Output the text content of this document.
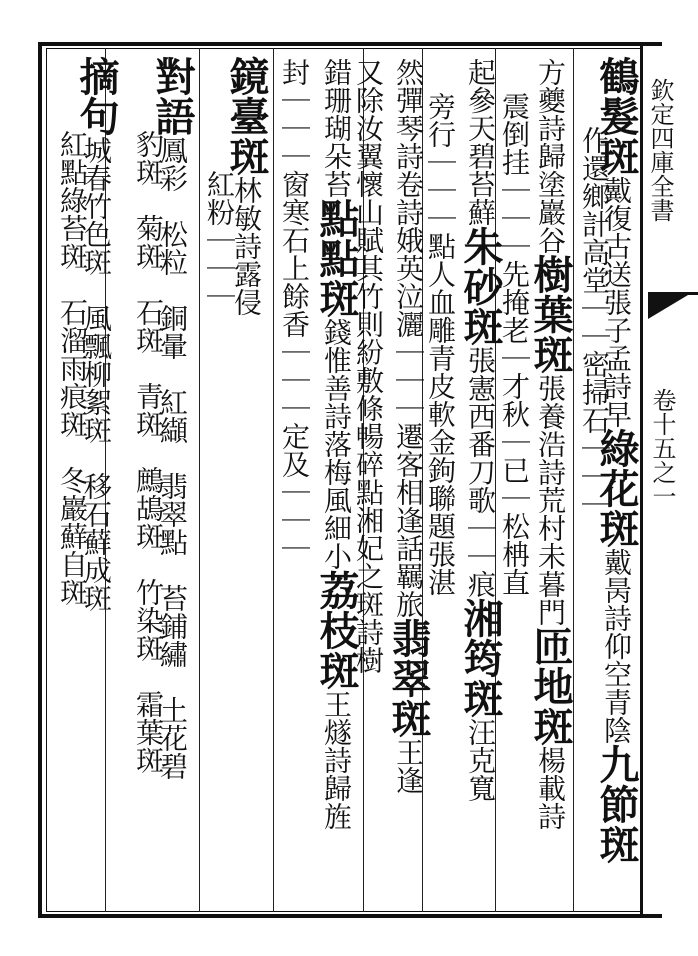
欽定四庫全書
卷十五之一
鶴髮斑戴復古送張子孟詩早綠花斑戴昺詩仰空青陰九節斑
作還鄉計高堂｜｜密掃石｜｜｜
方夔詩歸塗巖谷樹葉斑張養浩詩荒村未暮門匝地斑楊載詩
震倒挂｜｜｜先掩老｜才秋｜已｜松柟直
起參天碧苔蘚朱砂斑張憲西番刀歌｜｜痕湘筠斑汪克寬
旁行｜｜｜點人血雕青皮軟金鉤聯題張湛
然彈琴詩卷詩娥英泣灑｜｜｜遷客相逢話羈旅翡翠斑王逢
又除汝翼懷山賦其竹則紛敷條暢碎點湘妃之斑詩樹
錯珊瑚朵苔點點斑錢惟善詩落梅風細小荔枝斑王燧詩歸旌
封｜｜｜窗寒石上餘香｜｜｜定及｜｜｜
鏡臺斑林敏詩露侵
紅粉｜｜｜
對語鳳彩　松粒　銅暈　紅纈　翡翠點　苔鋪繡　土花碧
豹斑　菊斑　石斑　青斑　鷓鴣斑　竹染斑　霜葉斑
摘句城春竹色斑　風飄柳絮斑　移石蘚成斑
紅點綠苔斑　石溜雨痕斑　冬巖蘚自斑
